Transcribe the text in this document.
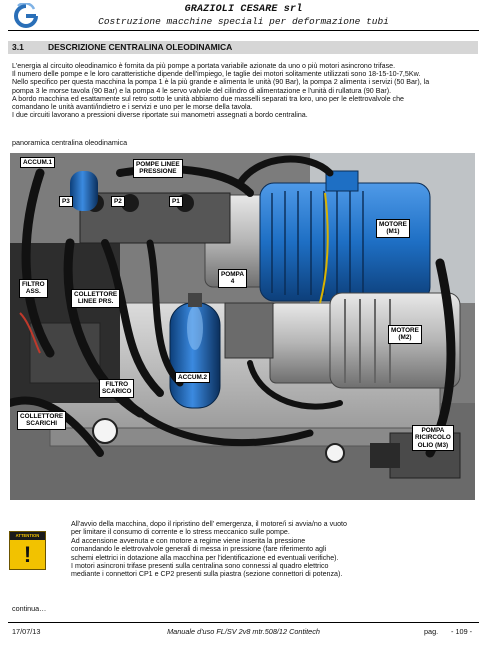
GRAZIOLI CESARE srl
Costruzione macchine speciali per deformazione tubi
3.1	DESCRIZIONE CENTRALINA OLEODINAMICA
L'energia al circuito oleodinamico è fornita da più pompe a portata variabile azionate da uno o più motori asincrono trifase.
Il numero delle pompe e le loro caratteristiche dipende dell'impiego, le taglie dei motori solitamente utilizzati sono 18-15-10-7,5Kw.
Nello specifico per questa macchina la pompa 1 è la più grande e alimenta le unità (90 Bar), la pompa 2 alimenta i servizi (50 Bar), la
pompa 3 le morse tavola (90 Bar) e la pompa 4 le servo valvole del cilindro di alimentazione e l'unità di rullatura (90 Bar).
A bordo macchina ed esattamente sul retro sotto le unità abbiamo due masselli separati tra loro, uno per le elettrovalvole che
comandano le unità avanti/indietro e i servizi e uno per le morse della tavola.
I due circuiti lavorano a pressioni diverse riportate sui manometri assegnati a bordo centralina.
panoramica centralina oleodinamica
ACCUM.1	POMPE LINEE
PRESSIONE
P3	P2	P1
MOTORE
(M1)
POMPA
4
FILTRO
ASS.	COLLETTORE
LINEE PRS.
MOTORE
(M2)
ACCUM.2
FILTRO
SCARICO
COLLETTORE
SCARICHI
POMPA
RICIRCOLO
OLIO (M3)
ATTENTION
!

All'avvio della macchina, dopo il ripristino dell' emergenza, il motore/i si avvia/no a vuoto

per limitare il consumo di corrente e lo stress meccanico sulle pompe.

Ad accensione avvenuta e con motore a regime viene inserita la pressione

comandando le elettrovalvole generali di messa in pressione (fare riferimento agli

schemi elettrici in dotazione alla macchina per l'identificazione ed eventuali verifiche).

I motori asincroni trifase presenti sulla centralina sono connessi al quadro elettrico

mediante i connettori CP1 e CP2 presenti sulla piastra (sezione connettori di potenza).

continua…
17/07/13	Manuale d'uso FL/SV 2v8 mtr.508/12 Contitech	pag. - 109 -
